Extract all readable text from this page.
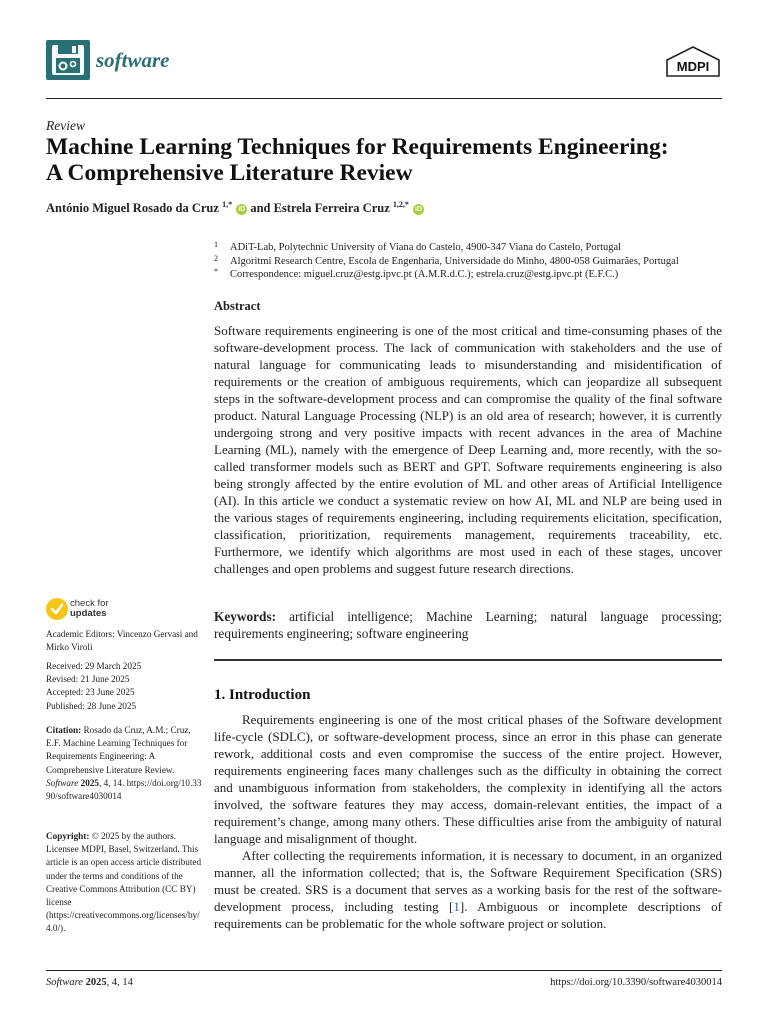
software	MDPI
Review
Machine Learning Techniques for Requirements Engineering:
A Comprehensive Literature Review
António Miguel Rosado da Cruz $^{1,*}$ iD and Estrela Ferreira Cruz $^{1,2,*}$ iD
1 ADiT-Lab, Polytechnic University of Viana do Castelo, 4900-347 Viana do Castelo, Portugal
2 Algoritmi Research Centre, Escola de Engenharia, Universidade do Minho, 4800-058 Guimarães, Portugal
* Correspondence: miguel.cruz@estg.ipvc.pt (A.M.R.d.C.); estrela.cruz@estg.ipvc.pt (E.F.C.)
Abstract

Software requirements engineering is one of the most critical and time-consuming phases of the software-development process. The lack of communication with stakeholders and the use of natural language for communicating leads to misunderstanding and misidentification of requirements or the creation of ambiguous requirements, which can jeopardize all subsequent steps in the software-development process and can compromise the quality of the final software product. Natural Language Processing (NLP) is an old area of research; however, it is currently undergoing strong and very positive impacts with recent advances in the area of Machine Learning (ML), namely with the emergence of Deep Learning and, more recently, with the so-called transformer models such as BERT and GPT. Software requirements engineering is also being strongly affected by the entire evolution of ML and other areas of Artificial Intelligence (AI). In this article we conduct a systematic review on how AI, ML and NLP are being used in the various stages of requirements engineering, including requirements elicitation, specification, classification, prioritization, requirements management, requirements traceability, etc. Furthermore, we identify which algorithms are most used in each of these stages, uncover challenges and open problems and suggest future research directions.

Keywords: artificial intelligence; Machine Learning; natural language processing; requirements engineering; software engineering

1. Introduction

Requirements engineering is one of the most critical phases of the Software development life-cycle (SDLC), or software-development process, since an error in this phase can generate rework, additional costs and even compromise the success of the entire project. However, requirements engineering faces many challenges such as the difficulty in obtaining the correct and unambiguous information from stakeholders, the complexity in identifying all the actors involved, the software features they may access, domain-relevant entities, the impact of a requirement’s change, among many others. These difficulties arise from the ambiguity of natural language and misalignment of thought.

After collecting the requirements information, it is necessary to document, in an organized manner, all the information collected; that is, the Software Requirement Specification (SRS) must be created. SRS is a document that serves as a working basis for the rest of the software-development process, including testing [1]. Ambiguous or incomplete descriptions of requirements can be problematic for the whole software project or solution.

check for
updates
Academic Editors: Vincenzo Gervasi and Mirko Viroli

Received: 29 March 2025

Revised: 21 June 2025

Accepted: 23 June 2025

Published: 28 June 2025

Citation: Rosado da Cruz, A.M.; Cruz, E.F. Machine Learning Techniques for Requirements Engineering: A Comprehensive Literature Review. Software 2025, 4, 14. https://doi.org/10.3390/software4030014

Copyright: © 2025 by the authors. Licensee MDPI, Basel, Switzerland. This article is an open access article distributed under the terms and conditions of the Creative Commons Attribution (CC BY) license (https://creativecommons.org/licenses/by/4.0/).

Software 2025, 4, 14	https://doi.org/10.3390/software4030014
